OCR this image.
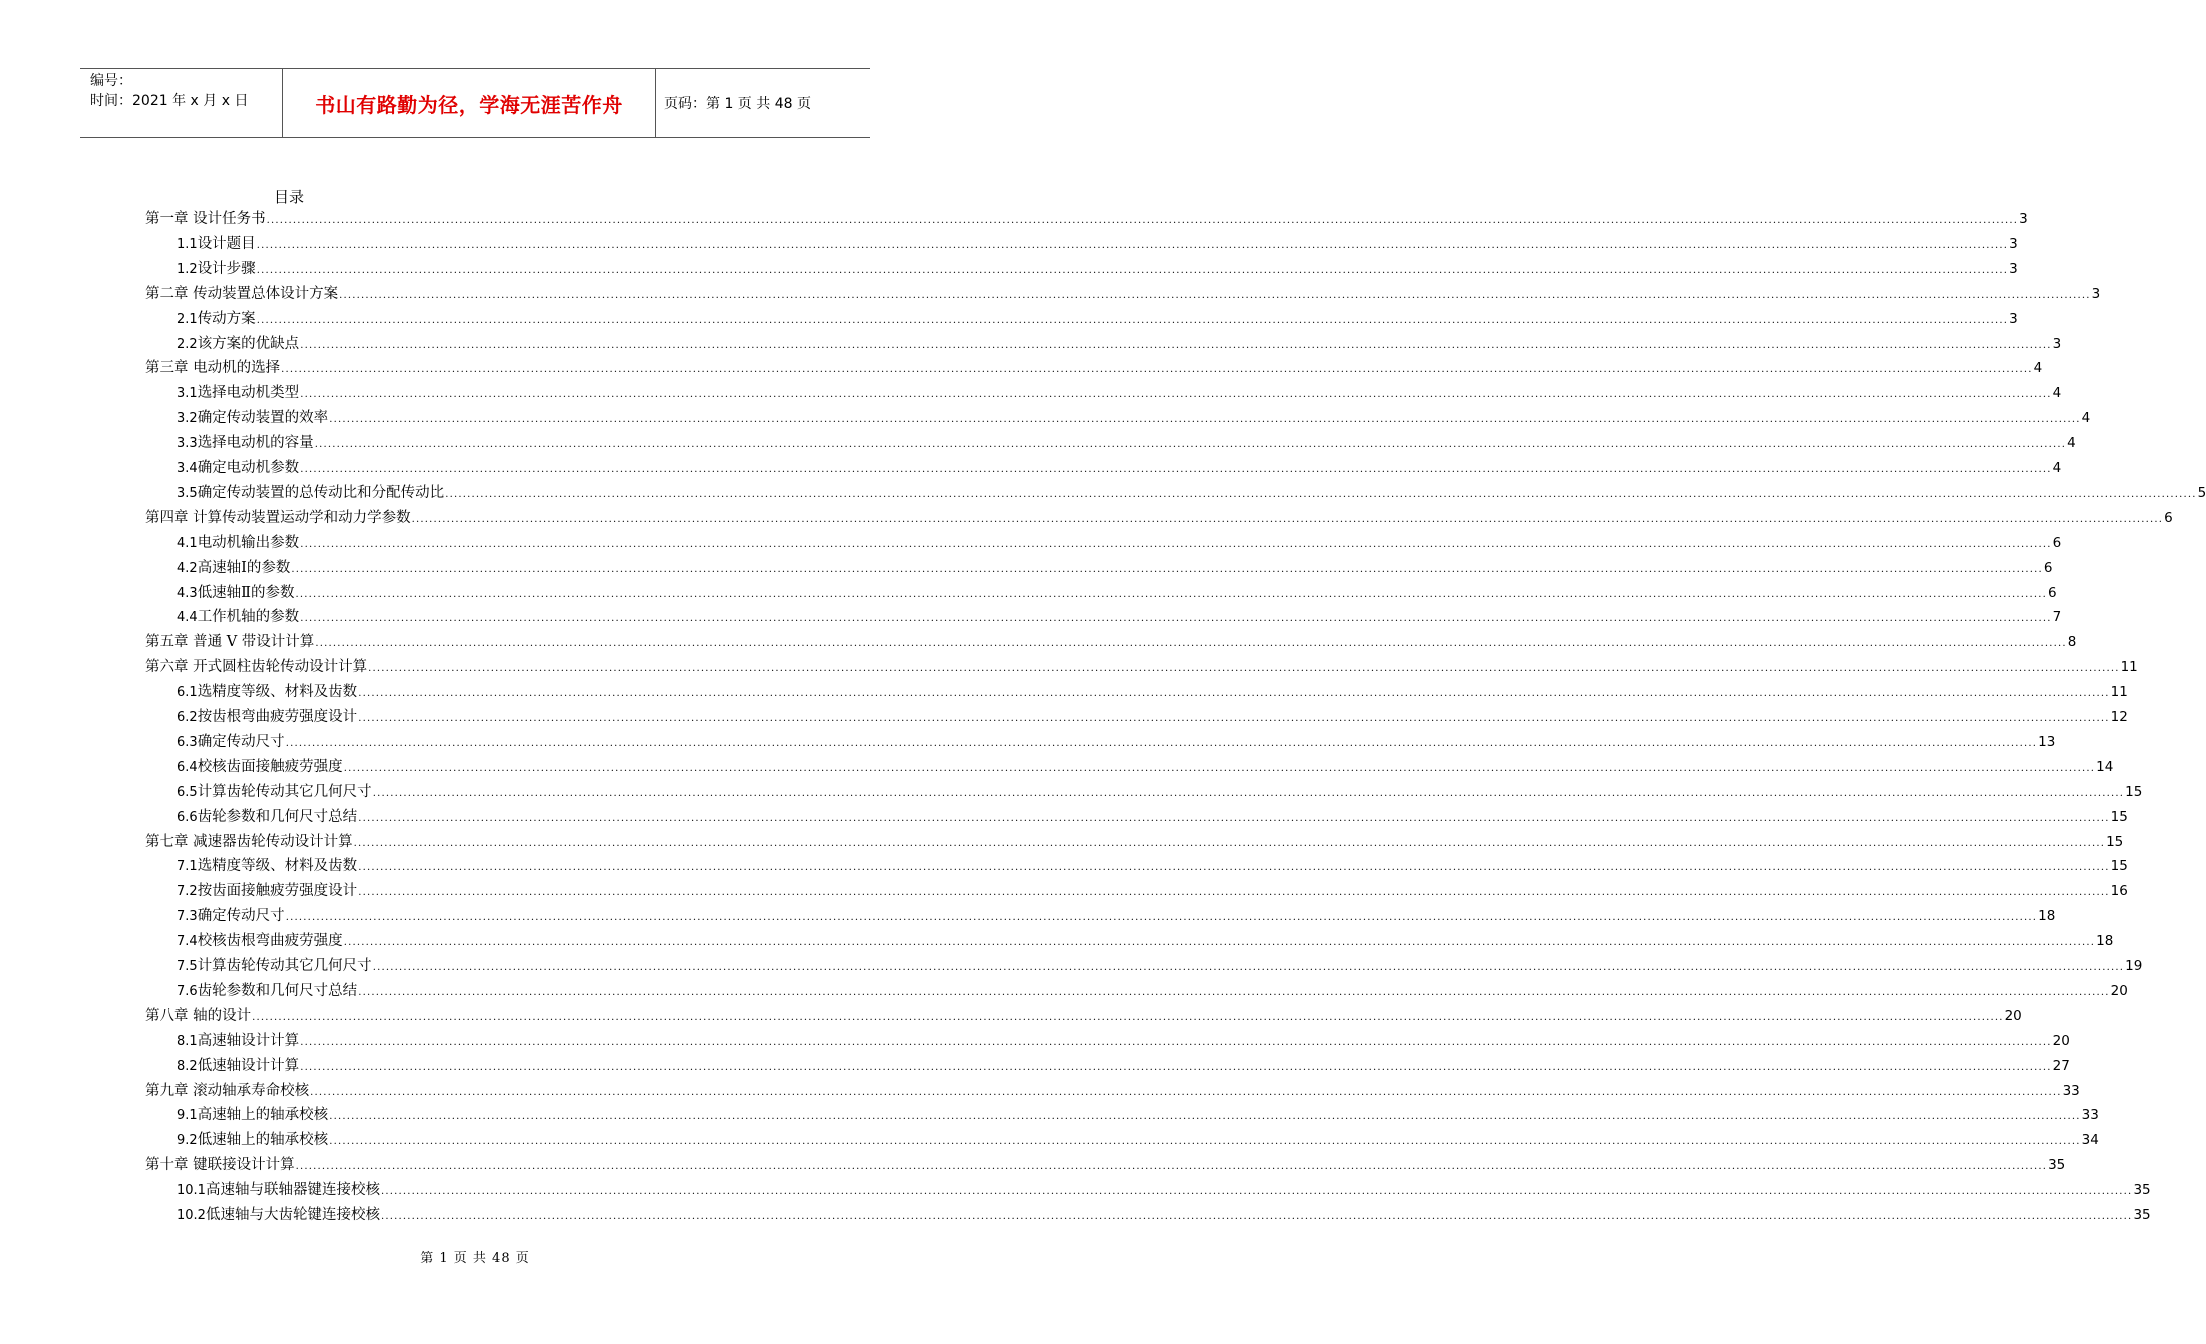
编号：
时间：2021 年 x 月 x 日	书山有路勤为径，学海无涯苦作舟	页码：第 1 页 共 48 页
目录
第一章 设计任务书 ................................................................................................................................................................................................................................................................................................................................................................................................................ 3
1.1设计题目 ................................................................................................................................................................................................................................................................................................................................................................................................................ 3
1.2设计步骤 ................................................................................................................................................................................................................................................................................................................................................................................................................ 3
第二章 传动装置总体设计方案 ................................................................................................................................................................................................................................................................................................................................................................................................................ 3
2.1传动方案 ................................................................................................................................................................................................................................................................................................................................................................................................................ 3
2.2该方案的优缺点 ................................................................................................................................................................................................................................................................................................................................................................................................................ 3
第三章 电动机的选择 ................................................................................................................................................................................................................................................................................................................................................................................................................ 4
3.1选择电动机类型 ................................................................................................................................................................................................................................................................................................................................................................................................................ 4
3.2确定传动装置的效率 ................................................................................................................................................................................................................................................................................................................................................................................................................ 4
3.3选择电动机的容量 ................................................................................................................................................................................................................................................................................................................................................................................................................ 4
3.4确定电动机参数 ................................................................................................................................................................................................................................................................................................................................................................................................................ 4
3.5确定传动装置的总传动比和分配传动比 ................................................................................................................................................................................................................................................................................................................................................................................................................ 5
第四章 计算传动装置运动学和动力学参数 ................................................................................................................................................................................................................................................................................................................................................................................................................ 6
4.1电动机输出参数 ................................................................................................................................................................................................................................................................................................................................................................................................................ 6
4.2高速轴Ⅰ的参数 ................................................................................................................................................................................................................................................................................................................................................................................................................ 6
4.3低速轴Ⅱ的参数 ................................................................................................................................................................................................................................................................................................................................................................................................................ 6
4.4工作机轴的参数 ................................................................................................................................................................................................................................................................................................................................................................................................................ 7
第五章 普通 V 带设计计算 ................................................................................................................................................................................................................................................................................................................................................................................................................ 8
第六章 开式圆柱齿轮传动设计计算 ................................................................................................................................................................................................................................................................................................................................................................................................................ 11
6.1选精度等级、材料及齿数 ................................................................................................................................................................................................................................................................................................................................................................................................................ 11
6.2按齿根弯曲疲劳强度设计 ................................................................................................................................................................................................................................................................................................................................................................................................................ 12
6.3确定传动尺寸 ................................................................................................................................................................................................................................................................................................................................................................................................................ 13
6.4校核齿面接触疲劳强度 ................................................................................................................................................................................................................................................................................................................................................................................................................ 14
6.5计算齿轮传动其它几何尺寸 ................................................................................................................................................................................................................................................................................................................................................................................................................ 15
6.6齿轮参数和几何尺寸总结 ................................................................................................................................................................................................................................................................................................................................................................................................................ 15
第七章 减速器齿轮传动设计计算 ................................................................................................................................................................................................................................................................................................................................................................................................................ 15
7.1选精度等级、材料及齿数 ................................................................................................................................................................................................................................................................................................................................................................................................................ 15
7.2按齿面接触疲劳强度设计 ................................................................................................................................................................................................................................................................................................................................................................................................................ 16
7.3确定传动尺寸 ................................................................................................................................................................................................................................................................................................................................................................................................................ 18
7.4校核齿根弯曲疲劳强度 ................................................................................................................................................................................................................................................................................................................................................................................................................ 18
7.5计算齿轮传动其它几何尺寸 ................................................................................................................................................................................................................................................................................................................................................................................................................ 19
7.6齿轮参数和几何尺寸总结 ................................................................................................................................................................................................................................................................................................................................................................................................................ 20
第八章 轴的设计 ................................................................................................................................................................................................................................................................................................................................................................................................................ 20
8.1高速轴设计计算 ................................................................................................................................................................................................................................................................................................................................................................................................................ 20
8.2低速轴设计计算 ................................................................................................................................................................................................................................................................................................................................................................................................................ 27
第九章 滚动轴承寿命校核 ................................................................................................................................................................................................................................................................................................................................................................................................................ 33
9.1高速轴上的轴承校核 ................................................................................................................................................................................................................................................................................................................................................................................................................ 33
9.2低速轴上的轴承校核 ................................................................................................................................................................................................................................................................................................................................................................................................................ 34
第十章 键联接设计计算 ................................................................................................................................................................................................................................................................................................................................................................................................................ 35
10.1高速轴与联轴器键连接校核 ................................................................................................................................................................................................................................................................................................................................................................................................................ 35
10.2低速轴与大齿轮键连接校核 ................................................................................................................................................................................................................................................................................................................................................................................................................ 35
第 1 页 共 48 页
